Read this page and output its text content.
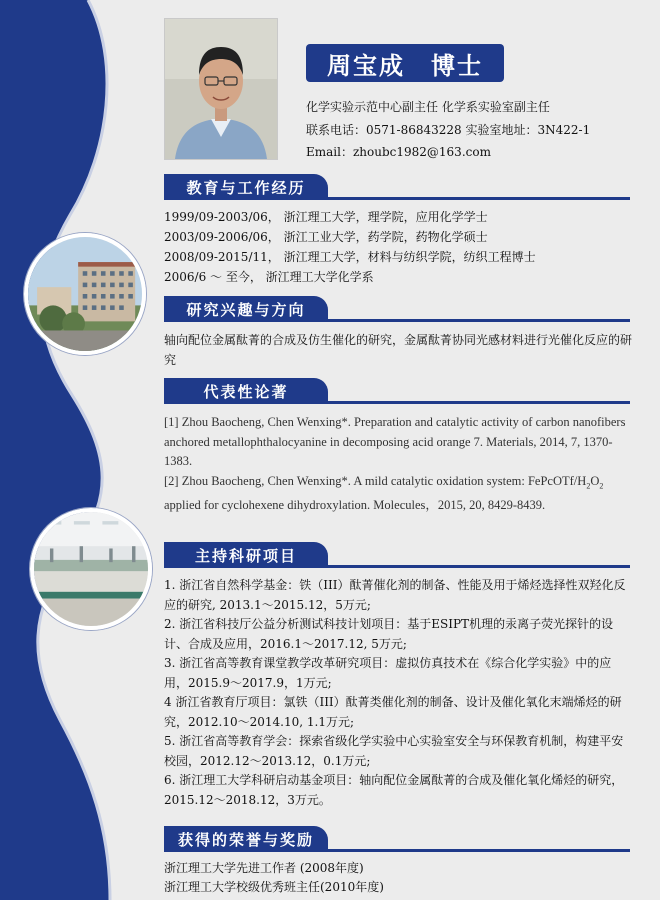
周宝成　博士
化学实验示范中心副主任 化学系实验室副主任
联系电话：0571-86843228 实验室地址：3N422-1
Email：zhoubc1982@163.com
教育与工作经历
1999/09-2003/06， 浙江理工大学，理学院，应用化学学士
2003/09-2006/06， 浙江工业大学，药学院，药物化学硕士
2008/09-2015/11， 浙江理工大学，材料与纺织学院，纺织工程博士
2006/6 ～ 至今， 浙江理工大学化学系
研究兴趣与方向
轴向配位金属酞菁的合成及仿生催化的研究，金属酞菁协同光感材料进行光催化反应的研究
代表性论著
[1] Zhou Baocheng, Chen Wenxing*. Preparation and catalytic activity of carbon nanofibers anchored metallophthalocyanine in decomposing acid orange 7. Materials, 2014, 7, 1370-1383.
[2] Zhou Baocheng, Chen Wenxing*. A mild catalytic oxidation system: FePcOTf/$H_2O_2$ applied for cyclohexene dihydroxylation. Molecules，2015, 20, 8429-8439.
主持科研项目
1. 浙江省自然科学基金：铁（III）酞菁催化剂的制备、性能及用于烯烃选择性双羟化反应的研究, 2013.1～2015.12，5万元;
2. 浙江省科技厅公益分析测试科技计划项目：基于ESIPT机理的汞离子荧光探针的设计、合成及应用，2016.1～2017.12, 5万元;
3. 浙江省高等教育课堂教学改革研究项目：虚拟仿真技术在《综合化学实验》中的应用，2015.9～2017.9，1万元;
4 浙江省教育厅项目：氯铁（III）酞菁类催化剂的制备、设计及催化氧化末端烯烃的研究，2012.10～2014.10, 1.1万元;
5. 浙江省高等教育学会：探索省级化学实验中心实验室安全与环保教育机制，构建平安校园，2012.12～2013.12，0.1万元;
6. 浙江理工大学科研启动基金项目：轴向配位金属酞菁的合成及催化氧化烯烃的研究，2015.12～2018.12，3万元。
获得的荣誉与奖励
浙江理工大学先进工作者 (2008年度)
浙江理工大学校级优秀班主任(2010年度)
